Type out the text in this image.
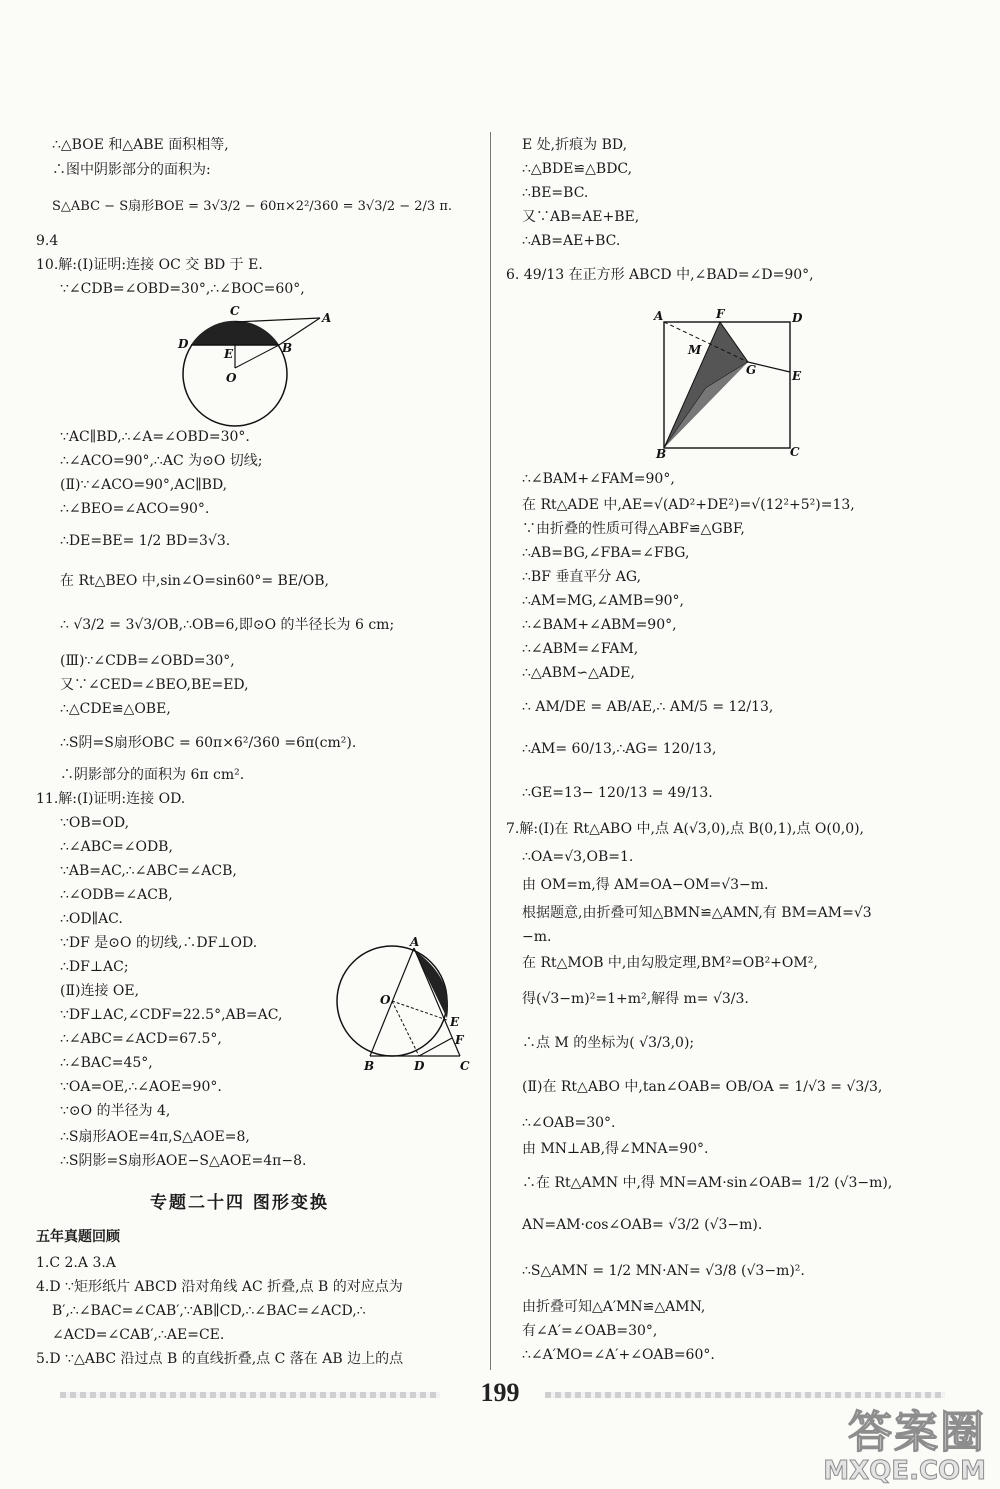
∴△BOE 和△ABE 面积相等,
∴图中阴影部分的面积为:
S△ABC − S扇形BOE = 3√3/2 − 60π×2²/360 = 3√3/2 − 2/3 π.
9.4
10.解:(Ⅰ)证明:连接 OC 交 BD 于 E.
∵∠CDB=∠OBD=30°,∴∠BOC=60°,
C	A
D
E	B
O
∵AC∥BD,∴∠A=∠OBD=30°.
∴∠ACO=90°,∴AC 为⊙O 切线;
(Ⅱ)∵∠ACO=90°,AC∥BD,
∴∠BEO=∠ACO=90°.
∴DE=BE= 1/2 BD=3√3.
在 Rt△BEO 中,sin∠O=sin60°= BE/OB,
∴ √3/2 = 3√3/OB,∴OB=6,即⊙O 的半径长为 6 cm;
(Ⅲ)∵∠CDB=∠OBD=30°,
又∵∠CED=∠BEO,BE=ED,
∴△CDE≌△OBE,
∴S阴=S扇形OBC = 60π×6²/360 =6π(cm²).
∴阴影部分的面积为 6π cm².
11.解:(Ⅰ)证明:连接 OD.
∵OB=OD,
∴∠ABC=∠ODB,
∵AB=AC,∴∠ABC=∠ACB,
∴∠ODB=∠ACB,
∴OD∥AC.
∵DF 是⊙O 的切线,∴DF⊥OD.
∴DF⊥AC;
(Ⅱ)连接 OE,
∵DF⊥AC,∠CDF=22.5°,AB=AC,
∴∠ABC=∠ACD=67.5°,
∴∠BAC=45°,
∵OA=OE,∴∠AOE=90°.
∵⊙O 的半径为 4,
∴S扇形AOE=4π,S△AOE=8,
∴S阴影=S扇形AOE−S△AOE=4π−8.
A
O
E
F
B	D	C
专题二十四 图形变换
五年真题回顾
1.C 2.A 3.A
4.D ∵矩形纸片 ABCD 沿对角线 AC 折叠,点 B 的对应点为
B′,∴∠BAC=∠CAB′,∵AB∥CD,∴∠BAC=∠ACD,∴
∠ACD=∠CAB′,∴AE=CE.
5.D ∵△ABC 沿过点 B 的直线折叠,点 C 落在 AB 边上的点
E 处,折痕为 BD,
∴△BDE≌△BDC,
∴BE=BC.
又∵AB=AE+BE,
∴AB=AE+BC.
6. 49/13 在正方形 ABCD 中,∠BAD=∠D=90°,
A	F	D
M
G	E
B	C
∴∠BAM+∠FAM=90°,
在 Rt△ADE 中,AE=√(AD²+DE²)=√(12²+5²)=13,
∵由折叠的性质可得△ABF≌△GBF,
∴AB=BG,∠FBA=∠FBG,
∴BF 垂直平分 AG,
∴AM=MG,∠AMB=90°,
∴∠BAM+∠ABM=90°,
∴∠ABM=∠FAM,
∴△ABM∽△ADE,
∴ AM/DE = AB/AE,∴ AM/5 = 12/13,
∴AM= 60/13,∴AG= 120/13,
∴GE=13− 120/13 = 49/13.
7.解:(Ⅰ)在 Rt△ABO 中,点 A(√3,0),点 B(0,1),点 O(0,0),
∴OA=√3,OB=1.
由 OM=m,得 AM=OA−OM=√3−m.
根据题意,由折叠可知△BMN≌△AMN,有 BM=AM=√3
−m.
在 Rt△MOB 中,由勾股定理,BM²=OB²+OM²,
得(√3−m)²=1+m²,解得 m= √3/3.
∴点 M 的坐标为( √3/3,0);
(Ⅱ)在 Rt△ABO 中,tan∠OAB= OB/OA = 1/√3 = √3/3,
∴∠OAB=30°.
由 MN⊥AB,得∠MNA=90°.
∴在 Rt△AMN 中,得 MN=AM·sin∠OAB= 1/2 (√3−m),
AN=AM·cos∠OAB= √3/2 (√3−m).
∴S△AMN = 1/2 MN·AN= √3/8 (√3−m)².
由折叠可知△A′MN≌△AMN,
有∠A′=∠OAB=30°,
∴∠A′MO=∠A′+∠OAB=60°.
199
答案圈
MXQE.COM
